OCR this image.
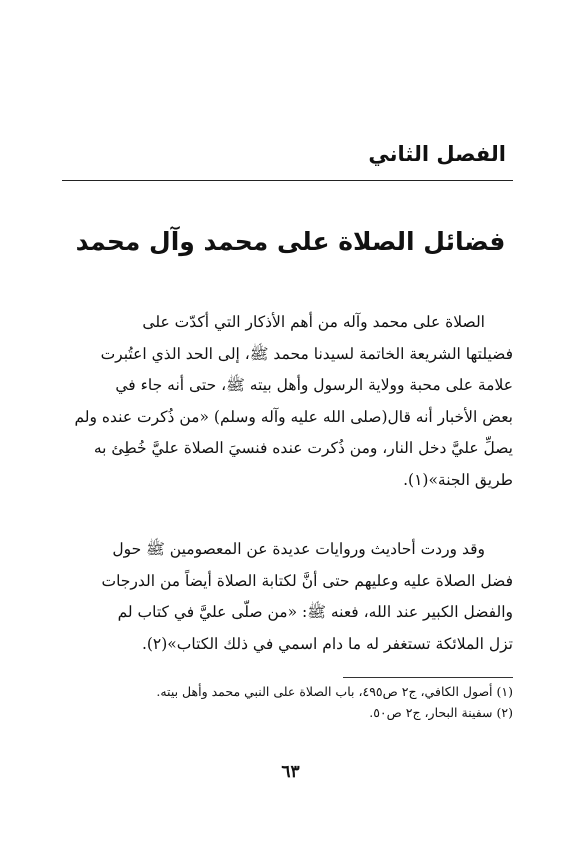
الفصل الثاني
فضائل الصلاة على محمد وآل محمد
الصلاة على محمد وآله من أهم الأذكار التي أكدّت على
فضيلتها الشريعة الخاتمة لسيدنا محمد ﷺ، إلى الحد الذي اعتُبرت
علامة على محبة وولاية الرسول وأهل بيته ﷺ، حتى أنه جاء في
بعض الأخبار أنه قال(صلى الله عليه وآله وسلم) «من ذُكرت عنده ولم
يصلِّ عليَّ دخل النار، ومن ذُكرت عنده فنسيَ الصلاة عليَّ خُطِئ به
طريق الجنة»(١).
وقد وردت أحاديث وروايات عديدة عن المعصومين ﷺ حول
فضل الصلاة عليه وعليهم حتى أنَّ لكتابة الصلاة أيضاً من الدرجات
والفضل الكبير عند الله، فعنه ﷺ: «من صلّى عليَّ في كتاب لم
تزل الملائكة تستغفر له ما دام اسمي في ذلك الكتاب»(٢).
(١) أصول الكافي، ج٢ ص٤٩٥، باب الصلاة على النبي محمد وأهل بيته.
(٢) سفينة البحار، ج٢ ص٥٠.
٦٣
